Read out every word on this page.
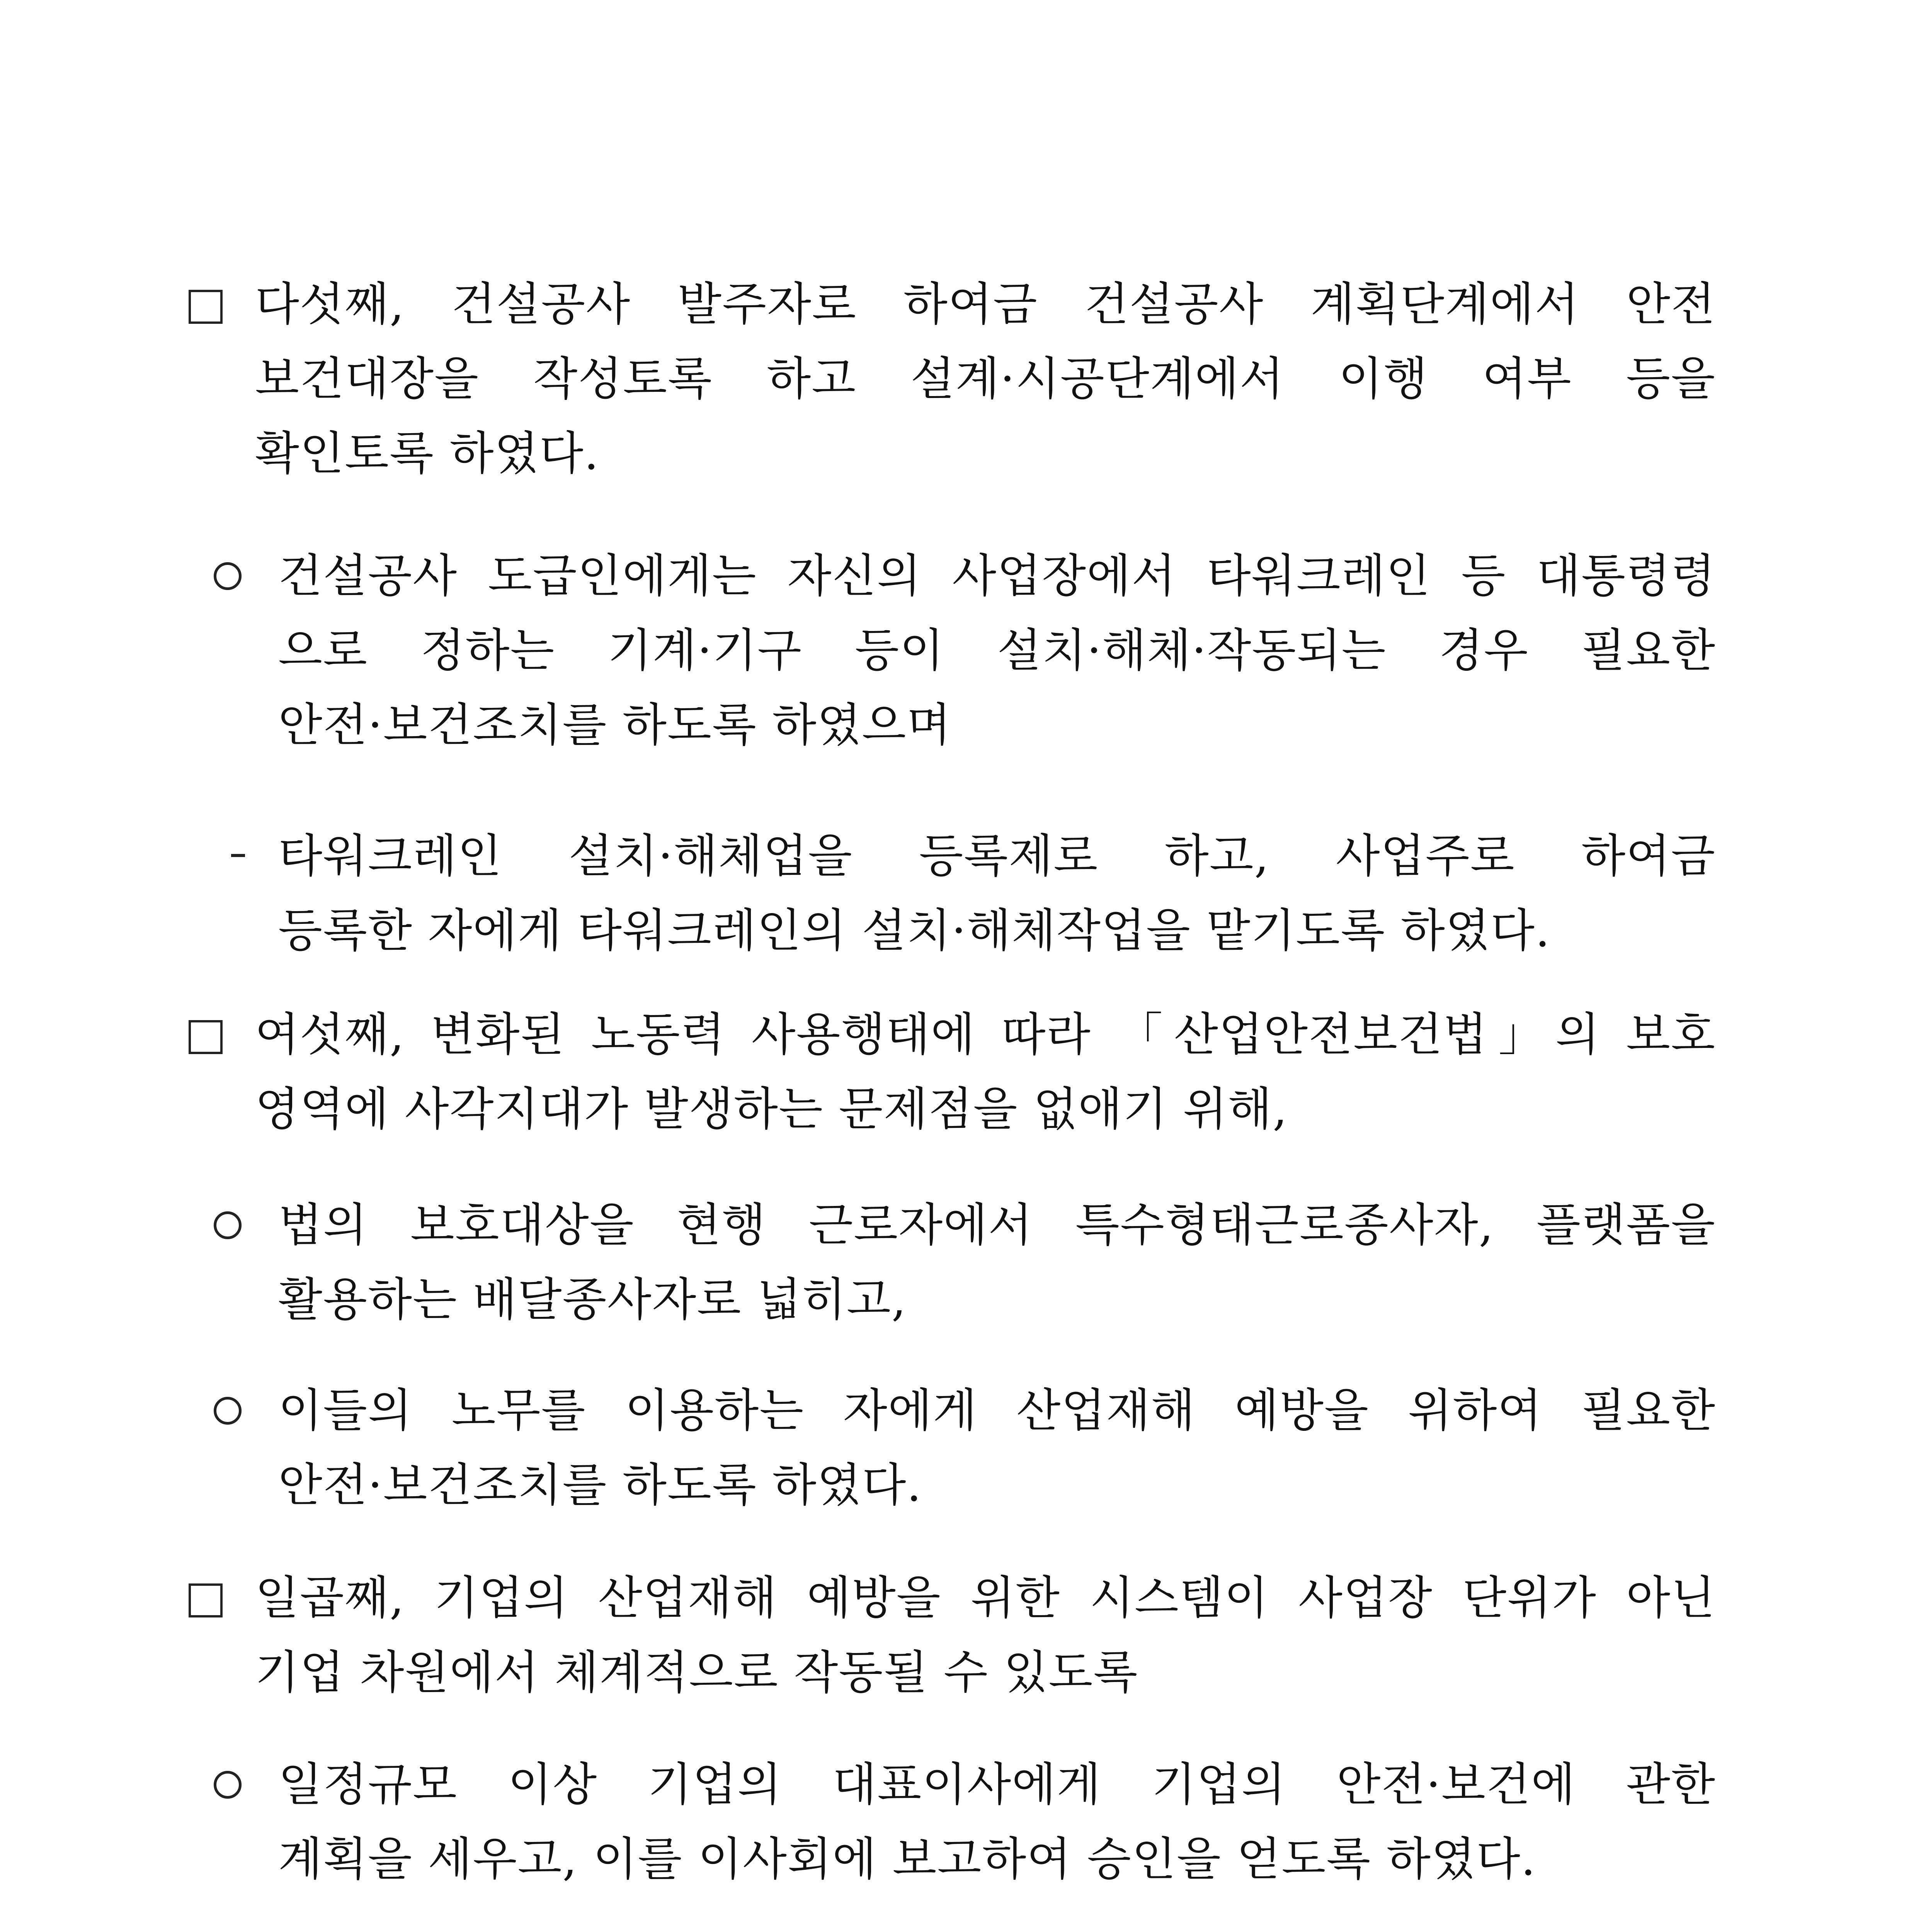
다섯째, 건설공사 발주자로 하여금 건설공사 계획단계에서 안전
보건대장을 작성토록 하고 설계·시공단계에서 이행 여부 등을
확인토록 하였다.
건설공사 도급인에게는 자신의 사업장에서 타워크레인 등 대통령령
으로 정하는 기계·기구 등이 설치·해체·작동되는 경우 필요한
안전·보건조치를 하도록 하였으며
타워크레인 설치·해체업을 등록제로 하고, 사업주로 하여금
등록한 자에게 타워크레인의 설치·해체작업을 맡기도록 하였다.
여섯째, 변화된 노동력 사용행태에 따라 「산업안전보건법」의 보호
영역에 사각지대가 발생하는 문제점을 없애기 위해,
법의 보호대상을 현행 근로자에서 특수형태근로종사자, 플랫폼을
활용하는 배달종사자로 넓히고,
이들의 노무를 이용하는 자에게 산업재해 예방을 위하여 필요한
안전·보건조치를 하도록 하였다.
일곱째, 기업의 산업재해 예방을 위한 시스템이 사업장 단위가 아닌
기업 차원에서 체계적으로 작동될 수 있도록
일정규모 이상 기업의 대표이사에게 기업의 안전·보건에 관한
계획을 세우고, 이를 이사회에 보고하여 승인을 얻도록 하였다.
